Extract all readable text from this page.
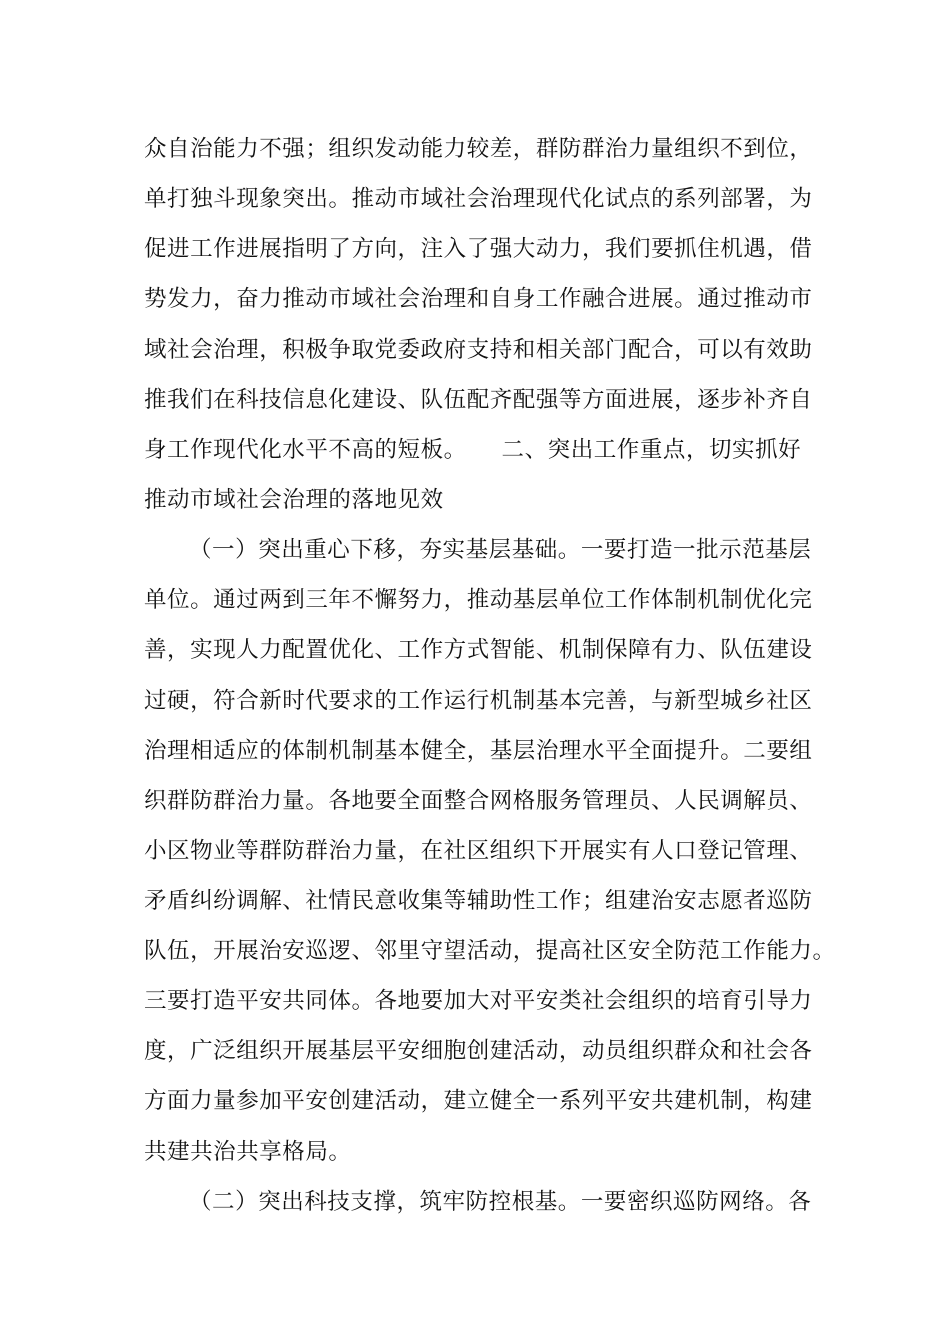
众自治能力不强；组织发动能力较差，群防群治力量组织不到位，

单打独斗现象突出。推动市域社会治理现代化试点的系列部署，为

促进工作进展指明了方向，注入了强大动力，我们要抓住机遇，借

势发力，奋力推动市域社会治理和自身工作融合进展。通过推动市

域社会治理，积极争取党委政府支持和相关部门配合，可以有效助

推我们在科技信息化建设、队伍配齐配强等方面进展，逐步补齐自

身工作现代化水平不高的短板。　　二、突出工作重点，切实抓好

推动市域社会治理的落地见效

（一）突出重心下移，夯实基层基础。一要打造一批示范基层

单位。通过两到三年不懈努力，推动基层单位工作体制机制优化完

善，实现人力配置优化、工作方式智能、机制保障有力、队伍建设

过硬，符合新时代要求的工作运行机制基本完善，与新型城乡社区

治理相适应的体制机制基本健全，基层治理水平全面提升。二要组

织群防群治力量。各地要全面整合网格服务管理员、人民调解员、

小区物业等群防群治力量，在社区组织下开展实有人口登记管理、

矛盾纠纷调解、社情民意收集等辅助性工作；组建治安志愿者巡防

队伍，开展治安巡逻、邻里守望活动，提高社区安全防范工作能力。

三要打造平安共同体。各地要加大对平安类社会组织的培育引导力

度，广泛组织开展基层平安细胞创建活动，动员组织群众和社会各

方面力量参加平安创建活动，建立健全一系列平安共建机制，构建

共建共治共享格局。

（二）突出科技支撑，筑牢防控根基。一要密织巡防网络。各
